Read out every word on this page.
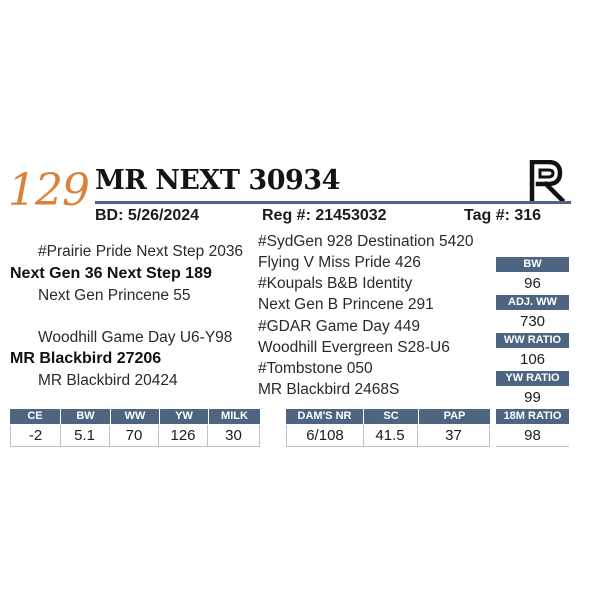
129 MR NEXT 30934
BD: 5/26/2024	Reg #: 21453032	Tag #: 316
#Prairie Pride Next Step 2036
Next Gen 36 Next Step 189
Next Gen Princene 55
Woodhill Game Day U6-Y98
MR Blackbird 27206
MR Blackbird 20424
#SydGen 928 Destination 5420
Flying V Miss Pride 426
#Koupals B&B Identity
Next Gen B Princene 291
#GDAR Game Day 449
Woodhill Evergreen S28-U6
#Tombstone 050
MR Blackbird 2468S
BW
96
ADJ. WW
730
WW RATIO
106
YW RATIO
99
18M RATIO
98
CE	BW	WW	YW	MILK
-2	5.1	70	126	30
DAM'S NR	SC	PAP
6/108	41.5	37
